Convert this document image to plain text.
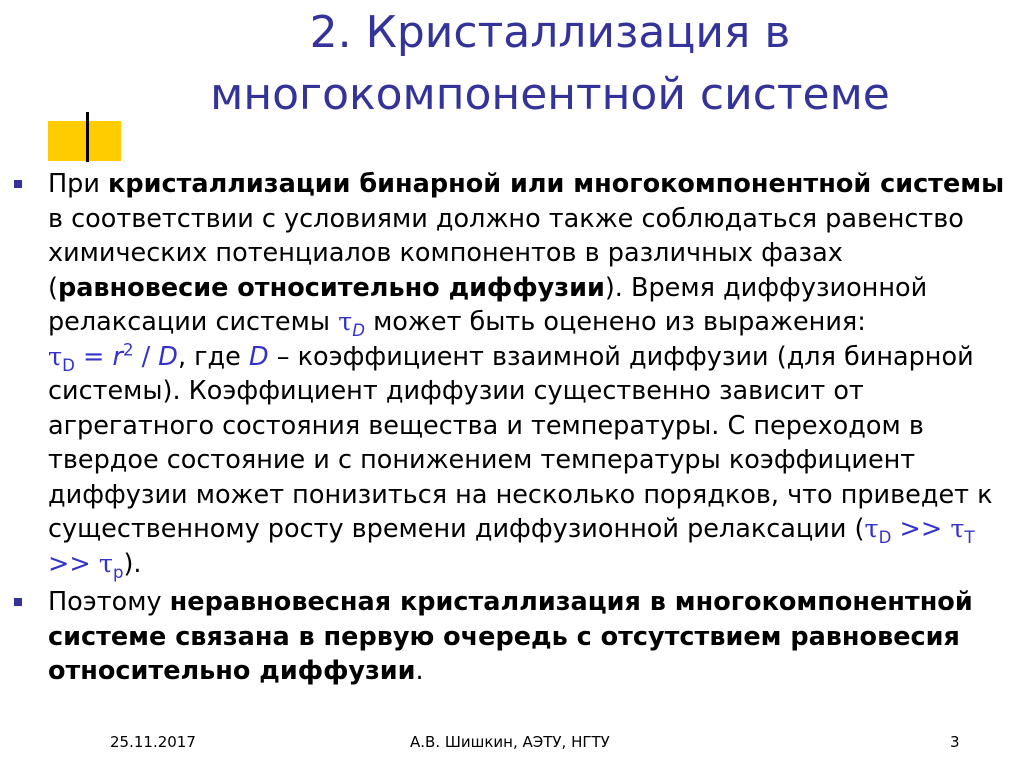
2. Кристаллизация в
многокомпонентной системе

При кристаллизации бинарной или многокомпонентной системы в соответствии с условиями должно также соблюдаться равенство химических потенциалов компонентов в различных фазах (равновесие относительно диффузии). Время диффузионной релаксации системы $\tau_D$ может быть оценено из выражения:
$\tau_D = r^2 / D$, где D – коэффициент взаимной диффузии (для бинарной системы). Коэффициент диффузии существенно зависит от агрегатного состояния вещества и температуры. С переходом в твердое состояние и с понижением температуры коэффициент диффузии может понизиться на несколько порядков, что приведет к существенному росту времени диффузионной релаксации $(\tau_D >> \tau_T >> \tau_p)$.

Поэтому неравновесная кристаллизация в многокомпонентной системе связана в первую очередь с отсутствием равновесия относительно диффузии.

25.11.2017	А.В. Шишкин, АЭТУ, НГТУ	3
